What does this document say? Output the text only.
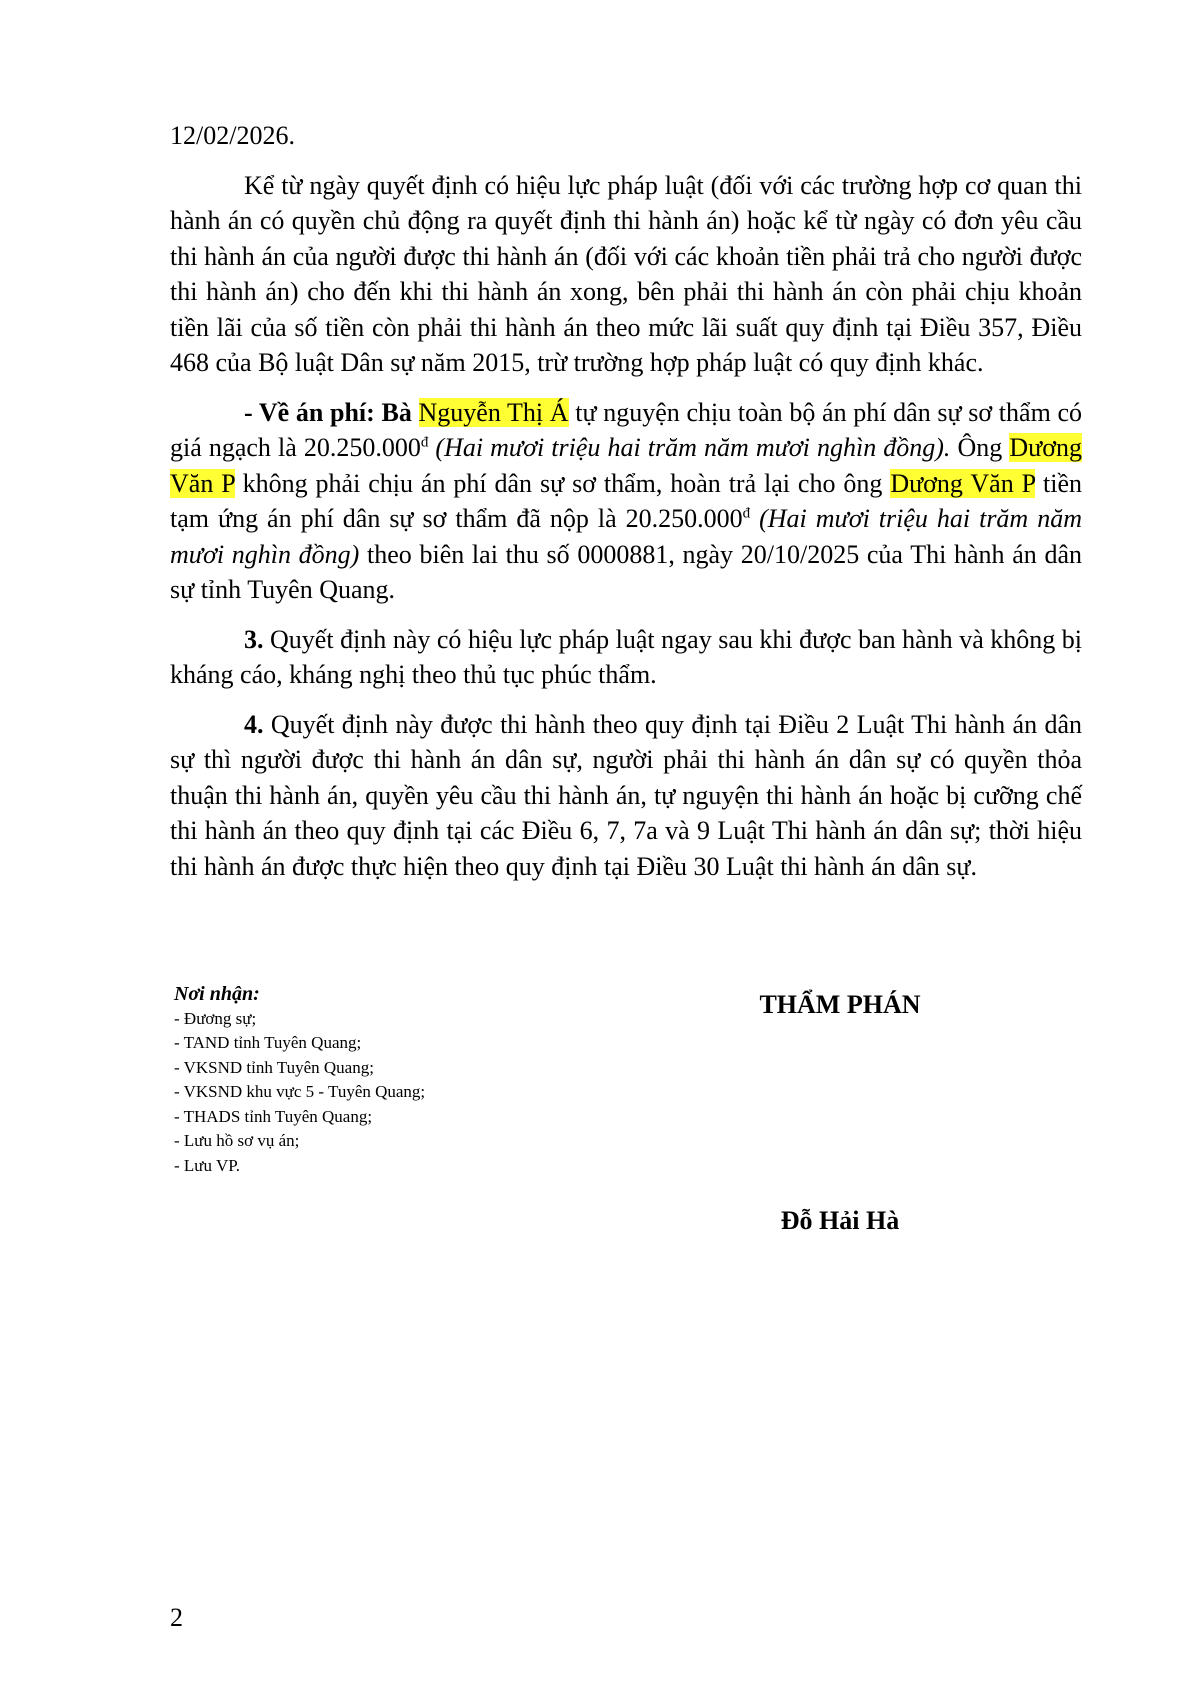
12/02/2026.

Kể từ ngày quyết định có hiệu lực pháp luật (đối với các trường hợp cơ quan thi hành án có quyền chủ động ra quyết định thi hành án) hoặc kể từ ngày có đơn yêu cầu thi hành án của người được thi hành án (đối với các khoản tiền phải trả cho người được thi hành án) cho đến khi thi hành án xong, bên phải thi hành án còn phải chịu khoản tiền lãi của số tiền còn phải thi hành án theo mức lãi suất quy định tại Điều 357, Điều 468 của Bộ luật Dân sự năm 2015, trừ trường hợp pháp luật có quy định khác.

- Về án phí: Bà Nguyễn Thị Á tự nguyện chịu toàn bộ án phí dân sự sơ thẩm có giá ngạch là $20.250.000^đ$ (Hai mươi triệu hai trăm năm mươi nghìn đồng). Ông Dương Văn P không phải chịu án phí dân sự sơ thẩm, hoàn trả lại cho ông Dương Văn P tiền tạm ứng án phí dân sự sơ thẩm đã nộp là $20.250.000^đ$ (Hai mươi triệu hai trăm năm mươi nghìn đồng) theo biên lai thu số 0000881, ngày 20/10/2025 của Thi hành án dân sự tỉnh Tuyên Quang.

3. Quyết định này có hiệu lực pháp luật ngay sau khi được ban hành và không bị kháng cáo, kháng nghị theo thủ tục phúc thẩm.

4. Quyết định này được thi hành theo quy định tại Điều 2 Luật Thi hành án dân sự thì người được thi hành án dân sự, người phải thi hành án dân sự có quyền thỏa thuận thi hành án, quyền yêu cầu thi hành án, tự nguyện thi hành án hoặc bị cưỡng chế thi hành án theo quy định tại các Điều 6, 7, 7a và 9 Luật Thi hành án dân sự; thời hiệu thi hành án được thực hiện theo quy định tại Điều 30 Luật thi hành án dân sự.

Nơi nhận:
- Đương sự;
- TAND tỉnh Tuyên Quang;
- VKSND tỉnh Tuyên Quang;
- VKSND khu vực 5 - Tuyên Quang;
- THADS tỉnh Tuyên Quang;
- Lưu hồ sơ vụ án;
- Lưu VP.
THẨM PHÁN
Đỗ Hải Hà
2
